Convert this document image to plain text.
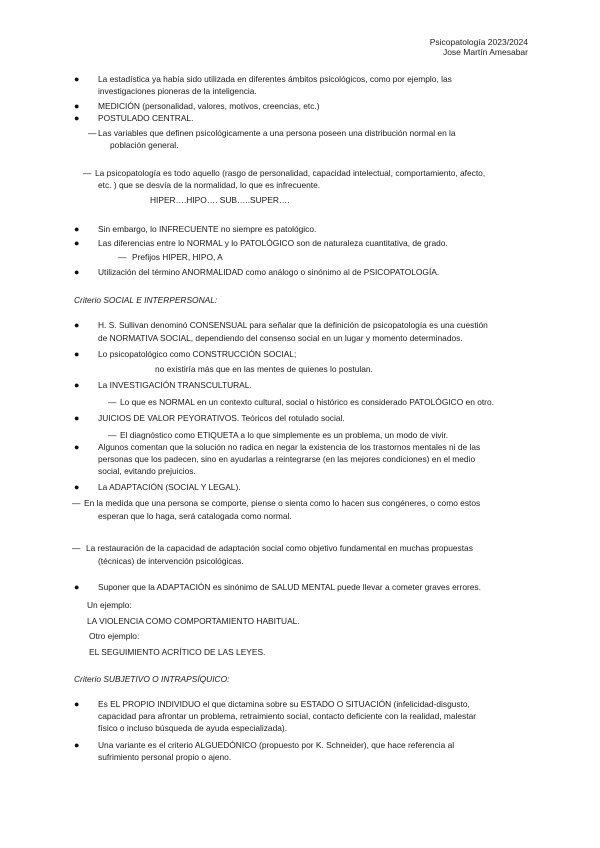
Psicopatología 2023/2024
Jose Martín Amesabar
● La estadística ya había sido utilizada en diferentes ámbitos psicológicos, como por ejemplo, las
investigaciones pioneras de la inteligencia.
● MEDICIÓN (personalidad, valores, motivos, creencias, etc.)
● POSTULADO CENTRAL.
— Las variables que definen psicológicamente a una persona poseen una distribución normal en la
población general.
— La psicopatología es todo aquello (rasgo de personalidad, capacidad intelectual, comportamiento, afecto,
etc. ) que se desvía de la normalidad, lo que es infrecuente.
HIPER….HIPO…. SUB…..SUPER….
● Sin embargo, lo INFRECUENTE no siempre es patológico.
● Las diferencias entre lo NORMAL y lo PATOLÓGICO son de naturaleza cuantitativa, de grado.
— Prefijos HIPER, HIPO, A
● Utilización del término ANORMALIDAD como análogo o sinónimo al de PSICOPATOLOGÍA.
Criterio SOCIAL E INTERPERSONAL:
● H. S. Sullivan denominó CONSENSUAL para señalar que la definición de psicopatología es una cuestión
de NORMATIVA SOCIAL, dependiendo del consenso social en un lugar y momento determinados.
● Lo psicopatológico como CONSTRUCCIÓN SOCIAL;
no existiría más que en las mentes de quienes lo postulan.
● La INVESTIGACIÓN TRANSCULTURAL.
— Lo que es NORMAL en un contexto cultural, social o histórico es considerado PATOLÓGICO en otro.
● JUICIOS DE VALOR PEYORATIVOS. Teóricos del rotulado social.
— El diagnóstico como ETIQUETA a lo que simplemente es un problema, un modo de vivir.
● Algunos comentan que la solución no radica en negar la existencia de los trastornos mentales ni de las
personas que los padecen, sino en ayudarlas a reintegrarse (en las mejores condiciones) en el medio
social, evitando prejuicios.
● La ADAPTACIÓN (SOCIAL Y LEGAL).
— En la medida que una persona se comporte, piense o sienta como lo hacen sus congéneres, o como estos
esperan que lo haga, será catalogada como normal.
— La restauración de la capacidad de adaptación social como objetivo fundamental en muchas propuestas
(técnicas) de intervención psicológicas.
● Suponer que la ADAPTACIÓN es sinónimo de SALUD MENTAL puede llevar a cometer graves errores.
Un ejemplo:
LA VIOLENCIA COMO COMPORTAMIENTO HABITUAL.
Otro ejemplo:
EL SEGUIMIENTO ACRÍTICO DE LAS LEYES.
Criterio SUBJETIVO O INTRAPSÍQUICO:
● Es EL PROPIO INDIVIDUO el que dictamina sobre su ESTADO O SITUACIÓN (infelicidad-disgusto,
capacidad para afrontar un problema, retraimiento social, contacto deficiente con la realidad, malestar
físico o incluso búsqueda de ayuda especializada).
● Una variante es el criterio ALGUEDÓNICO (propuesto por K. Schneider), que hace referencia al
sufrimiento personal propio o ajeno.
